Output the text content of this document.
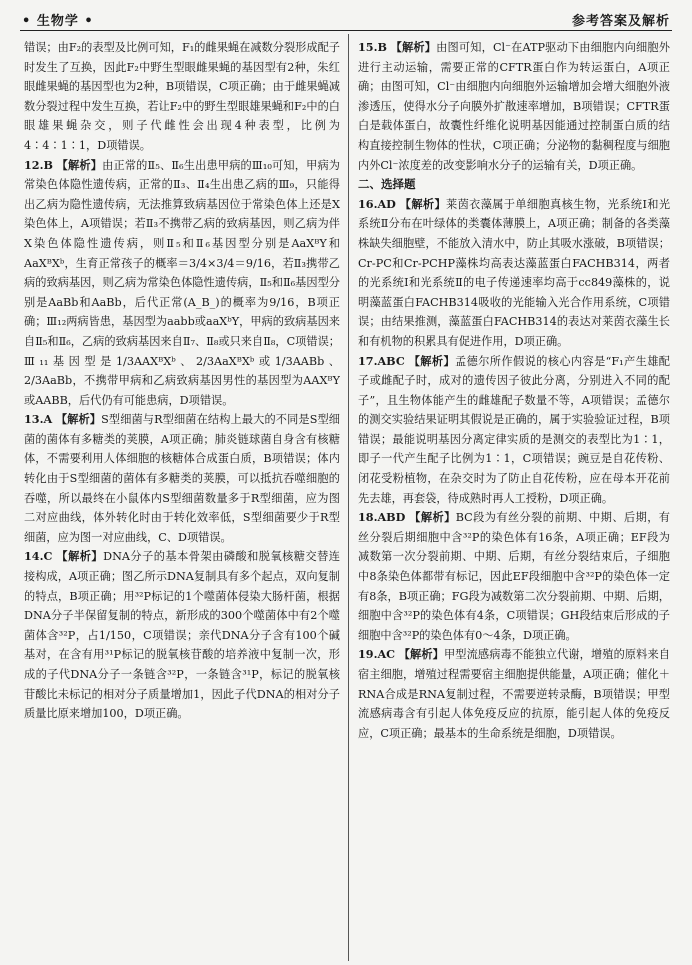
• 生物学 •	参考答案及解析

错误；由F₂的表型及比例可知，F₁的雌果蝇在减数分裂形成配子时发生了互换，因此F₂中野生型眼雌果蝇的基因型有2种，朱红眼雌果蝇的基因型也为2种，B项错误，C项正确；由于雌果蝇减数分裂过程中发生互换，若让F₂中的野生型眼雄果蝇和F₂中的白眼雄果蝇杂交，则子代雌性会出现4种表型，比例为4∶4∶1∶1，D项错误。

12.B 【解析】由正常的Ⅱ₅、Ⅱ₆生出患甲病的Ⅲ₁₀可知，甲病为常染色体隐性遗传病，正常的Ⅱ₃、Ⅱ₄生出患乙病的Ⅲ₉，只能得出乙病为隐性遗传病，无法推算致病基因位于常染色体上还是X染色体上，A项错误；若Ⅱ₃不携带乙病的致病基因，则乙病为伴X染色体隐性遗传病，则Ⅱ₅和Ⅱ₆基因型分别是AaXᴮY和AaXᴮXᵇ，生育正常孩子的概率＝3/4×3/4＝9/16，若Ⅱ₃携带乙病的致病基因，则乙病为常染色体隐性遗传病，Ⅱ₅和Ⅱ₆基因型分别是AaBb和AaBb，后代正常(A_B_)的概率为9/16，B项正确；Ⅲ₁₂两病皆患，基因型为aabb或aaXᵇY，甲病的致病基因来自Ⅱ₅和Ⅱ₆，乙病的致病基因来自Ⅱ₇、Ⅱ₈或只来自Ⅱ₈，C项错误；Ⅲ₁₁基因型是1/3AAXᴮXᵇ、2/3AaXᴮXᵇ或1/3AABb、2/3AaBb，不携带甲病和乙病致病基因男性的基因型为AAXᴮY或AABB，后代仍有可能患病，D项错误。

13.A 【解析】S型细菌与R型细菌在结构上最大的不同是S型细菌的菌体有多糖类的荚膜，A项正确；肺炎链球菌自身含有核糖体，不需要利用人体细胞的核糖体合成蛋白质，B项错误；体内转化由于S型细菌的菌体有多糖类的荚膜，可以抵抗吞噬细胞的吞噬，所以最终在小鼠体内S型细菌数量多于R型细菌，应为图二对应曲线，体外转化时由于转化效率低，S型细菌要少于R型细菌，应为图一对应曲线，C、D项错误。

14.C 【解析】DNA分子的基本骨架由磷酸和脱氧核糖交替连接构成，A项正确；图乙所示DNA复制具有多个起点，双向复制的特点，B项正确；用³²P标记的1个噬菌体侵染大肠杆菌，根据DNA分子半保留复制的特点，新形成的300个噬菌体中有2个噬菌体含³²P，占1/150，C项错误；亲代DNA分子含有100个碱基对，在含有用³¹P标记的脱氧核苷酸的培养液中复制一次，形成的子代DNA分子一条链含³²P，一条链含³¹P，标记的脱氧核苷酸比未标记的相对分子质量增加1，因此子代DNA的相对分子质量比原来增加100，D项正确。

15.B 【解析】由图可知，Cl⁻在ATP驱动下由细胞内向细胞外进行主动运输，需要正常的CFTR蛋白作为转运蛋白，A项正确；由图可知，Cl⁻由细胞内向细胞外运输增加会增大细胞外液渗透压，使得水分子向膜外扩散速率增加，B项错误；CFTR蛋白是载体蛋白，故囊性纤维化说明基因能通过控制蛋白质的结构直接控制生物体的性状，C项正确；分泌物的黏稠程度与细胞内外Cl⁻浓度差的改变影响水分子的运输有关，D项正确。

二、选择题

16.AD 【解析】莱茵衣藻属于单细胞真核生物，光系统Ⅰ和光系统Ⅱ分布在叶绿体的类囊体薄膜上，A项正确；制备的各类藻株缺失细胞壁，不能放入清水中，防止其吸水涨破，B项错误；Cr-PC和Cr-PCHP藻株均高表达藻蓝蛋白FACHB314，两者的光系统Ⅰ和光系统Ⅱ的电子传递速率均高于cc849藻株的，说明藻蓝蛋白FACHB314吸收的光能输入光合作用系统，C项错误；由结果推测，藻蓝蛋白FACHB314的表达对莱茵衣藻生长和有机物的积累具有促进作用，D项正确。

17.ABC 【解析】孟德尔所作假说的核心内容是“F₁产生雄配子或雌配子时，成对的遗传因子彼此分离，分别进入不同的配子”，且生物体能产生的雌雄配子数量不等，A项错误；孟德尔的测交实验结果证明其假说是正确的，属于实验验证过程，B项错误；最能说明基因分离定律实质的是测交的表型比为1∶1，即子一代产生配子比例为1∶1，C项错误；豌豆是自花传粉、闭花受粉植物，在杂交时为了防止自花传粉，应在母本开花前先去雄，再套袋，待成熟时再人工授粉，D项正确。

18.ABD 【解析】BC段为有丝分裂的前期、中期、后期，有丝分裂后期细胞中含³²P的染色体有16条，A项正确；EF段为减数第一次分裂前期、中期、后期，有丝分裂结束后，子细胞中8条染色体都带有标记，因此EF段细胞中含³²P的染色体一定有8条，B项正确；FG段为减数第二次分裂前期、中期、后期，细胞中含³²P的染色体有4条，C项错误；GH段结束后形成的子细胞中含³²P的染色体有0～4条，D项正确。

19.AC 【解析】甲型流感病毒不能独立代谢，增殖的原料来自宿主细胞，增殖过程需要宿主细胞提供能量，A项正确；催化＋RNA合成是RNA复制过程，不需要逆转录酶，B项错误；甲型流感病毒含有引起人体免疫反应的抗原，能引起人体的免疫反应，C项正确；最基本的生命系统是细胞，D项错误。
